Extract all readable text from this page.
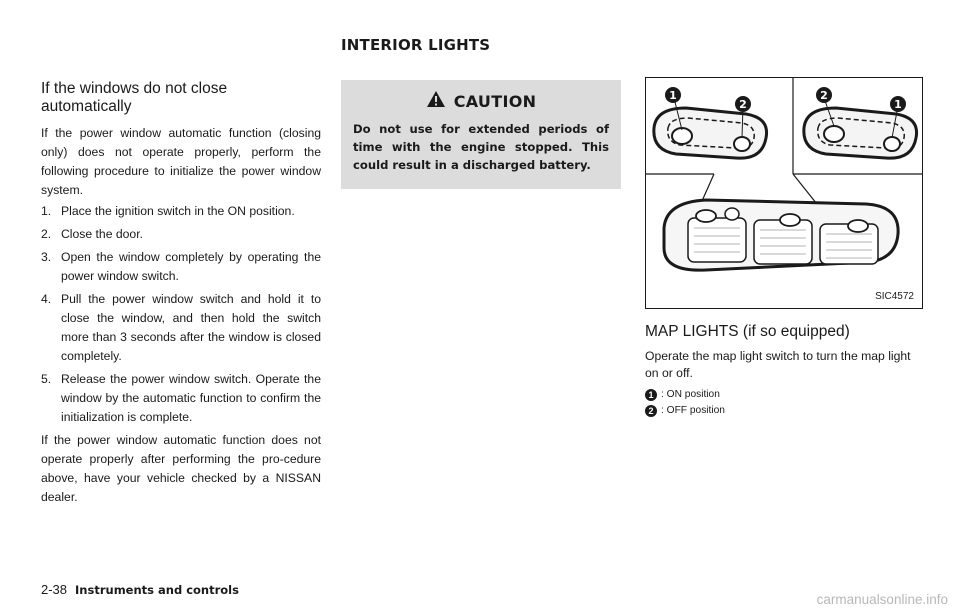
INTERIOR LIGHTS
If the windows do not close automatically

If the power window automatic function (closing only) does not operate properly, perform the following procedure to initialize the power window system.

1. Place the ignition switch in the ON position.
2. Close the door.
3. Open the window completely by operating the power window switch.
4. Pull the power window switch and hold it to close the window, and then hold the switch more than 3 seconds after the window is closed completely.
5. Release the power window switch. Operate the window by the automatic function to confirm the initialization is complete.

If the power window automatic function does not operate properly after performing the pro-cedure above, have your vehicle checked by a NISSAN dealer.

CAUTION

Do not use for extended periods of time with the engine stopped. This could result in a discharged battery.

1
2
2
1
SIC4572
MAP LIGHTS (if so equipped)

Operate the map light switch to turn the map light on or off.

1 : ON position
2 : OFF position
2-38 Instruments and controls
carmanualsonline.info
